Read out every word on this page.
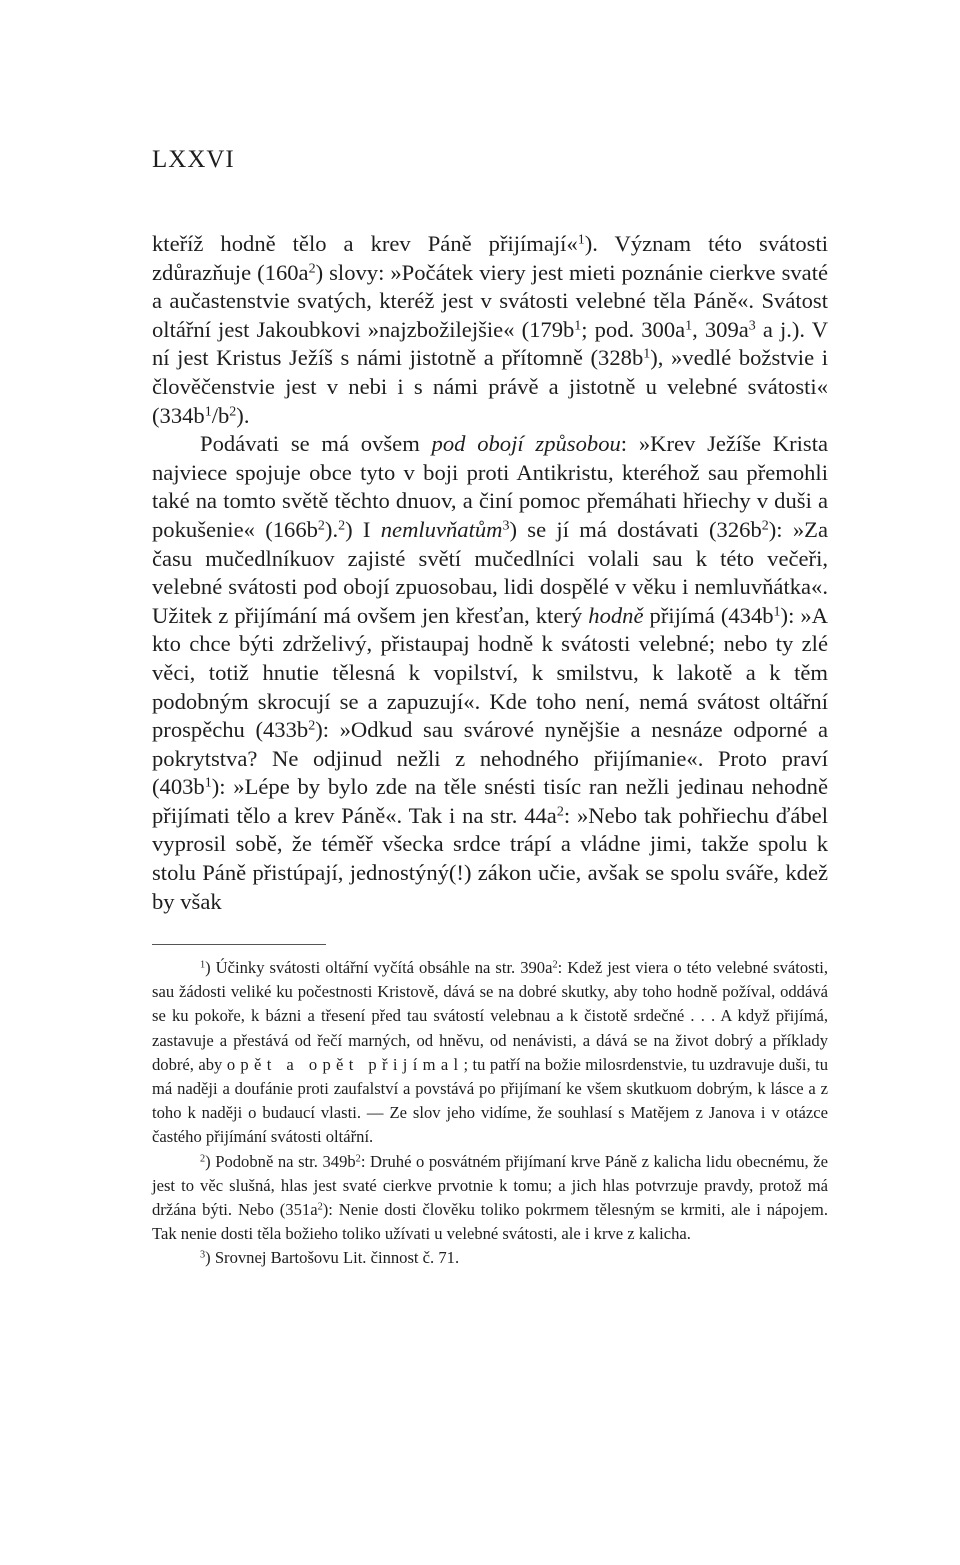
LXXVI

kteříž hodně tělo a krev Páně přijímají«$^1$). Význam této svátosti zdůrazňuje $(160a^2)$ slovy: »Počátek viery jest mieti poznánie cierkve svaté a aučastenstvie svatých, kteréž jest v svátosti velebné těla Páně«. Svátost oltářní jest Jakoubkovi »najzbožilejšie« ($179b^1$; pod. $300a^1$, $309a^3$ a j.). V ní jest Kristus Ježíš s námi jistotně a přítomně $(328b^1)$, »vedlé božstvie i člověčenstvie jest v nebi i s námi právě a jistotně u velebné svátosti« $(334b^1/b^2)$.

Podávati se má ovšem pod obojí způsobou: »Krev Ježíše Krista najviece spojuje obce tyto v boji proti Antikristu, kteréhož sau přemohli také na tomto světě těchto dnuov, a činí pomoc přemáhati hřiechy v duši a pokušenie« $(166b^2).^2$) I nemluvňatům$^3$) se jí má dostávati $(326b^2)$: »Za času mučedlníkuov zajisté světí mučedlníci volali sau k této večeři, velebné svátosti pod obojí zpuosobau, lidi dospělé v věku i nemluvňátka«. Užitek z přijímání má ovšem jen křesťan, který hodně přijímá $(434b^1)$: »A kto chce býti zdrželivý, přistaupaj hodně k svátosti velebné; nebo ty zlé věci, totiž hnutie tělesná k vopilství, k smilstvu, k lakotě a k těm podobným skrocují se a zapuzují«. Kde toho není, nemá svátost oltářní prospěchu $(433b^2)$: »Odkud sau svárové nynějšie a nesnáze odporné a pokrytstva? Ne odjinud nežli z nehodného přijímanie«. Proto praví $(403b^1)$: »Lépe by bylo zde na těle snésti tisíc ran nežli jedinau nehodně přijímati tělo a krev Páně«. Tak i na str. $44a^2$: »Nebo tak pohřiechu ďábel vyprosil sobě, že téměř všecka srdce trápí a vládne jimi, takže spolu k stolu Páně přistúpají, jednostýný(!) zákon učie, avšak se spolu sváře, kdež by však

$^1$) Účinky svátosti oltářní vyčítá obsáhle na str. $390a^2$: Kdež jest viera o této velebné svátosti, sau žádosti veliké ku počestnosti Kristově, dává se na dobré skutky, aby toho hodně požíval, oddává se ku pokoře, k bázni a třesení před tau svátostí velebnau a k čistotě srdečné . . . A když přijímá, zastavuje a přestává od řečí marných, od hněvu, od nenávisti, a dává se na život dobrý a příklady dobré, aby opět a opět přijímal; tu patří na božie milosrdenstvie, tu uzdravuje duši, tu má naději a doufánie proti zaufalství a povstává po přijímaní ke všem skutkuom dobrým, k lásce a z toho k naději o budaucí vlasti. — Ze slov jeho vidíme, že souhlasí s Matějem z Janova i v otázce častého přijímání svátosti oltářní.

$^2$) Podobně na str. $349b^2$: Druhé o posvátném přijímaní krve Páně z kalicha lidu obecnému, že jest to věc slušná, hlas jest svaté cierkve prvotnie k tomu; a jich hlas potvrzuje pravdy, protož má držána býti. Nebo $(351a^2)$: Nenie dosti člověku toliko pokrmem tělesným se krmiti, ale i nápojem. Tak nenie dosti těla božieho toliko užívati u velebné svátosti, ale i krve z kalicha.

$^3$) Srovnej Bartošovu Lit. činnost č. 71.
